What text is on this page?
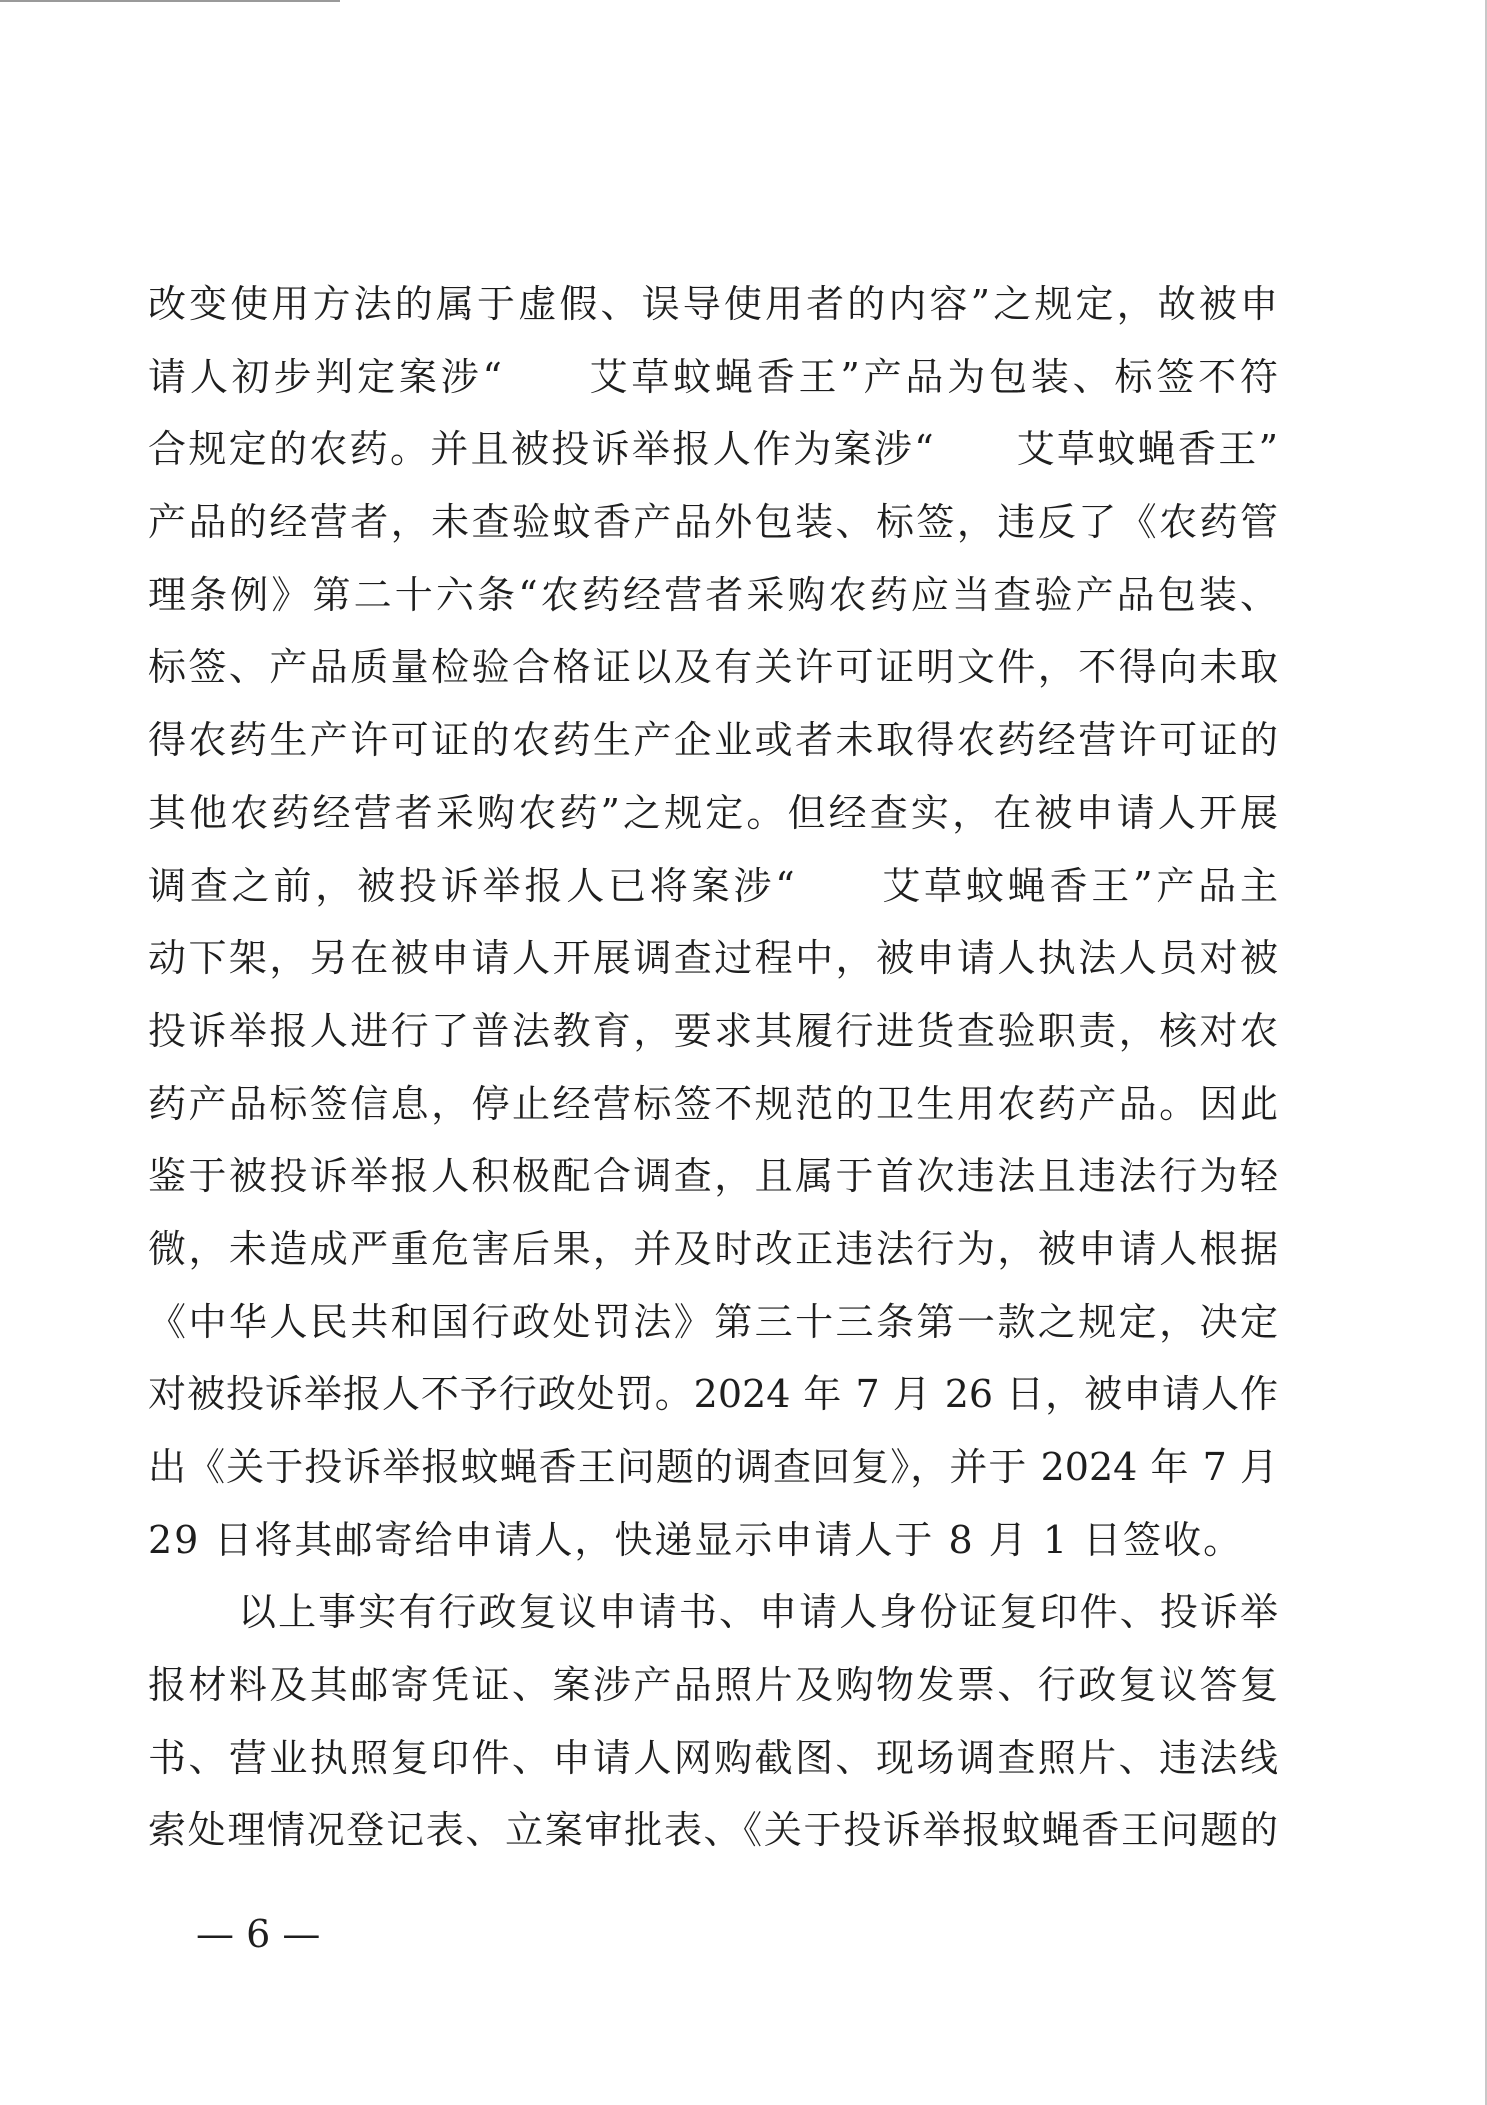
改变使用方法的属于虚假、误导使用者的内容”之规定，故被申
请人初步判定案涉“　　艾草蚊蝇香王”产品为包装、标签不符
合规定的农药。并且被投诉举报人作为案涉“　　艾草蚊蝇香王”
产品的经营者，未查验蚊香产品外包装、标签，违反了《农药管
理条例》第二十六条“农药经营者采购农药应当查验产品包装、
标签、产品质量检验合格证以及有关许可证明文件，不得向未取
得农药生产许可证的农药生产企业或者未取得农药经营许可证的
其他农药经营者采购农药”之规定。但经查实，在被申请人开展
调查之前，被投诉举报人已将案涉“　　艾草蚊蝇香王”产品主
动下架，另在被申请人开展调查过程中，被申请人执法人员对被
投诉举报人进行了普法教育，要求其履行进货查验职责，核对农
药产品标签信息，停止经营标签不规范的卫生用农药产品。因此
鉴于被投诉举报人积极配合调查，且属于首次违法且违法行为轻
微，未造成严重危害后果，并及时改正违法行为，被申请人根据
《中华人民共和国行政处罚法》第三十三条第一款之规定，决定
对被投诉举报人不予行政处罚。2024 年 7 月 26 日，被申请人作
出《关于投诉举报蚊蝇香王问题的调查回复》，并于 2024 年 7 月
29 日将其邮寄给申请人，快递显示申请人于 8 月 1 日签收。
以上事实有行政复议申请书、申请人身份证复印件、投诉举
报材料及其邮寄凭证、案涉产品照片及购物发票、行政复议答复
书、营业执照复印件、申请人网购截图、现场调查照片、违法线
索处理情况登记表、立案审批表、《关于投诉举报蚊蝇香王问题的
— 6 —
